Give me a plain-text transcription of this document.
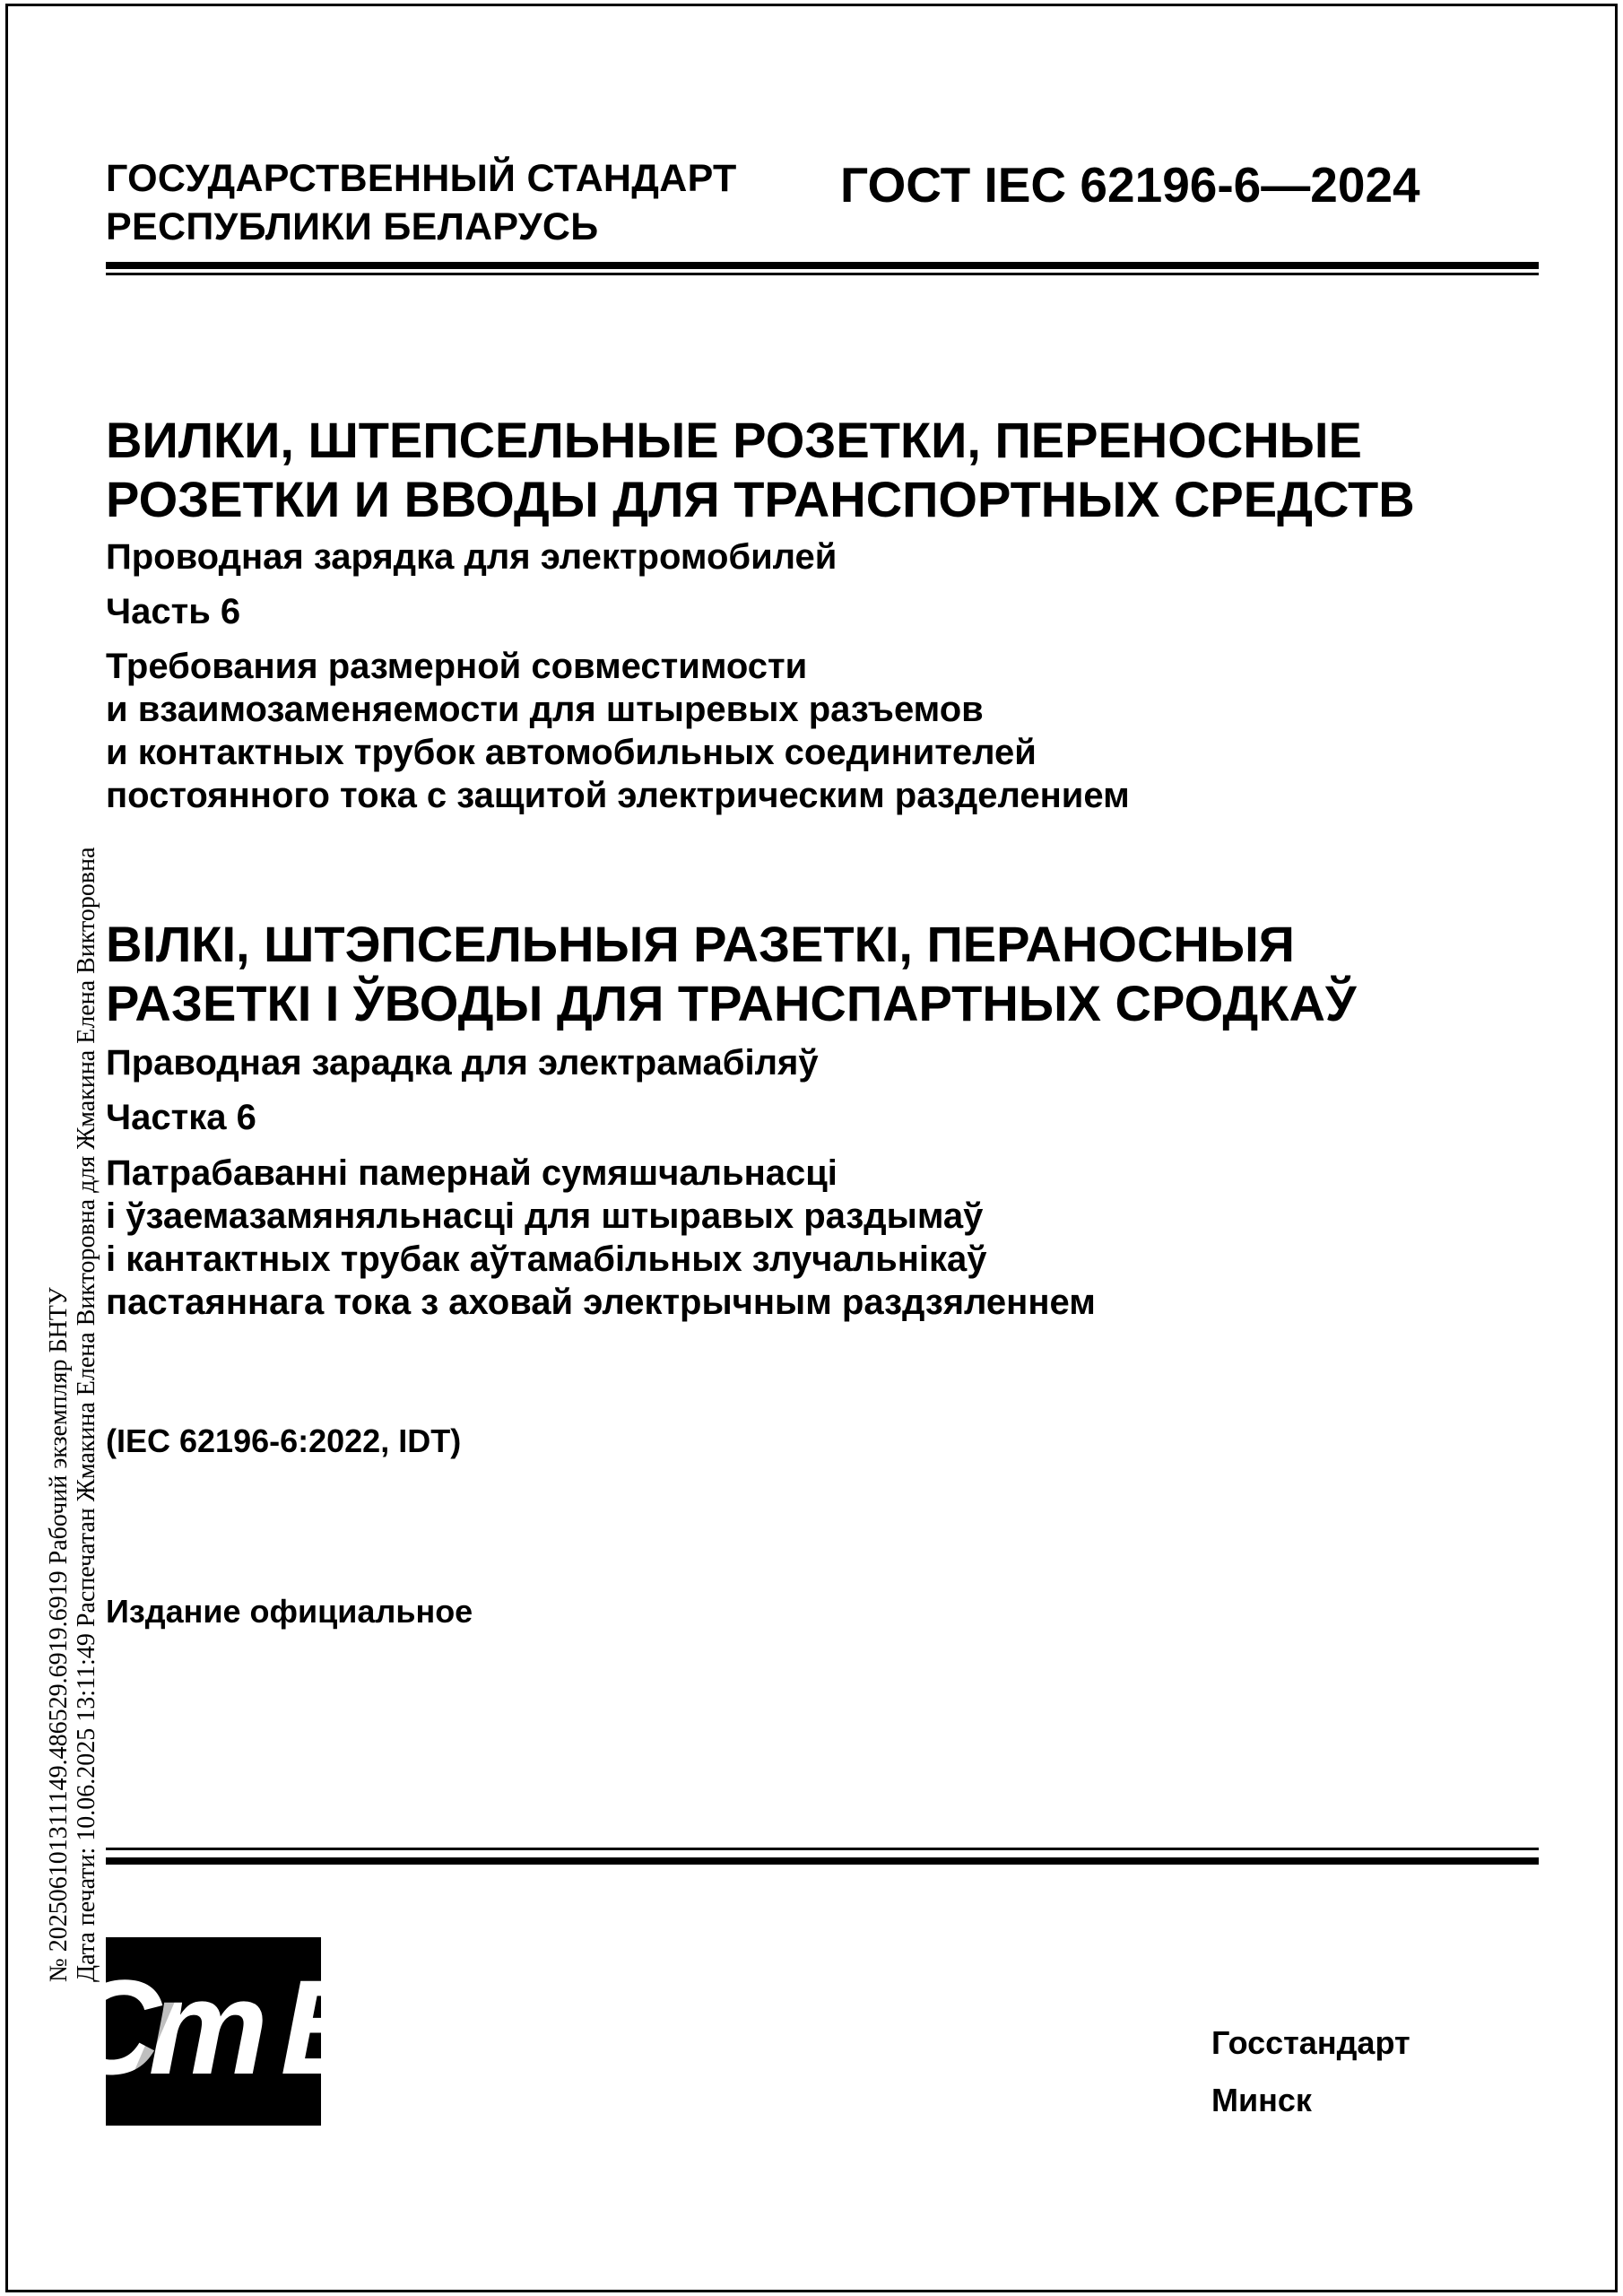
ГОСУДАРСТВЕННЫЙ СТАНДАРТ
РЕСПУБЛИКИ БЕЛАРУСЬ
ГОСТ IEC 62196-6—2024
ВИЛКИ, ШТЕПСЕЛЬНЫЕ РОЗЕТКИ, ПЕРЕНОСНЫЕ
РОЗЕТКИ И ВВОДЫ ДЛЯ ТРАНСПОРТНЫХ СРЕДСТВ
Проводная зарядка для электромобилей
Часть 6
Требования размерной совместимости
и взаимозаменяемости для штыревых разъемов
и контактных трубок автомобильных соединителей
постоянного тока с защитой электрическим разделением
ВІЛКІ, ШТЭПСЕЛЬНЫЯ РАЗЕТКІ, ПЕРАНОСНЫЯ
РАЗЕТКІ І ЎВОДЫ ДЛЯ ТРАНСПАРТНЫХ СРОДКАЎ
Праводная зарадка для электрамабіляў
Частка 6
Патрабаванні памернай сумяшчальнасці
і ўзаемазамяняльнасці для штыравых раздымаў
і кантактных трубак аўтамабільных злучальнікаў
пастаяннага тока з аховай электрычным раздзяленнем
(IEC 62196-6:2022, IDT)
Издание официальное
Ст Б	Госстандарт
Минск
№ 202506101311149.486529.6919.6919 Рабочий экземпляр БНТУ Дата печати: 10.06.2025 13:11:49 Распечатан Жмакина Елена Викторовна для Жмакина Елена Викторовна
